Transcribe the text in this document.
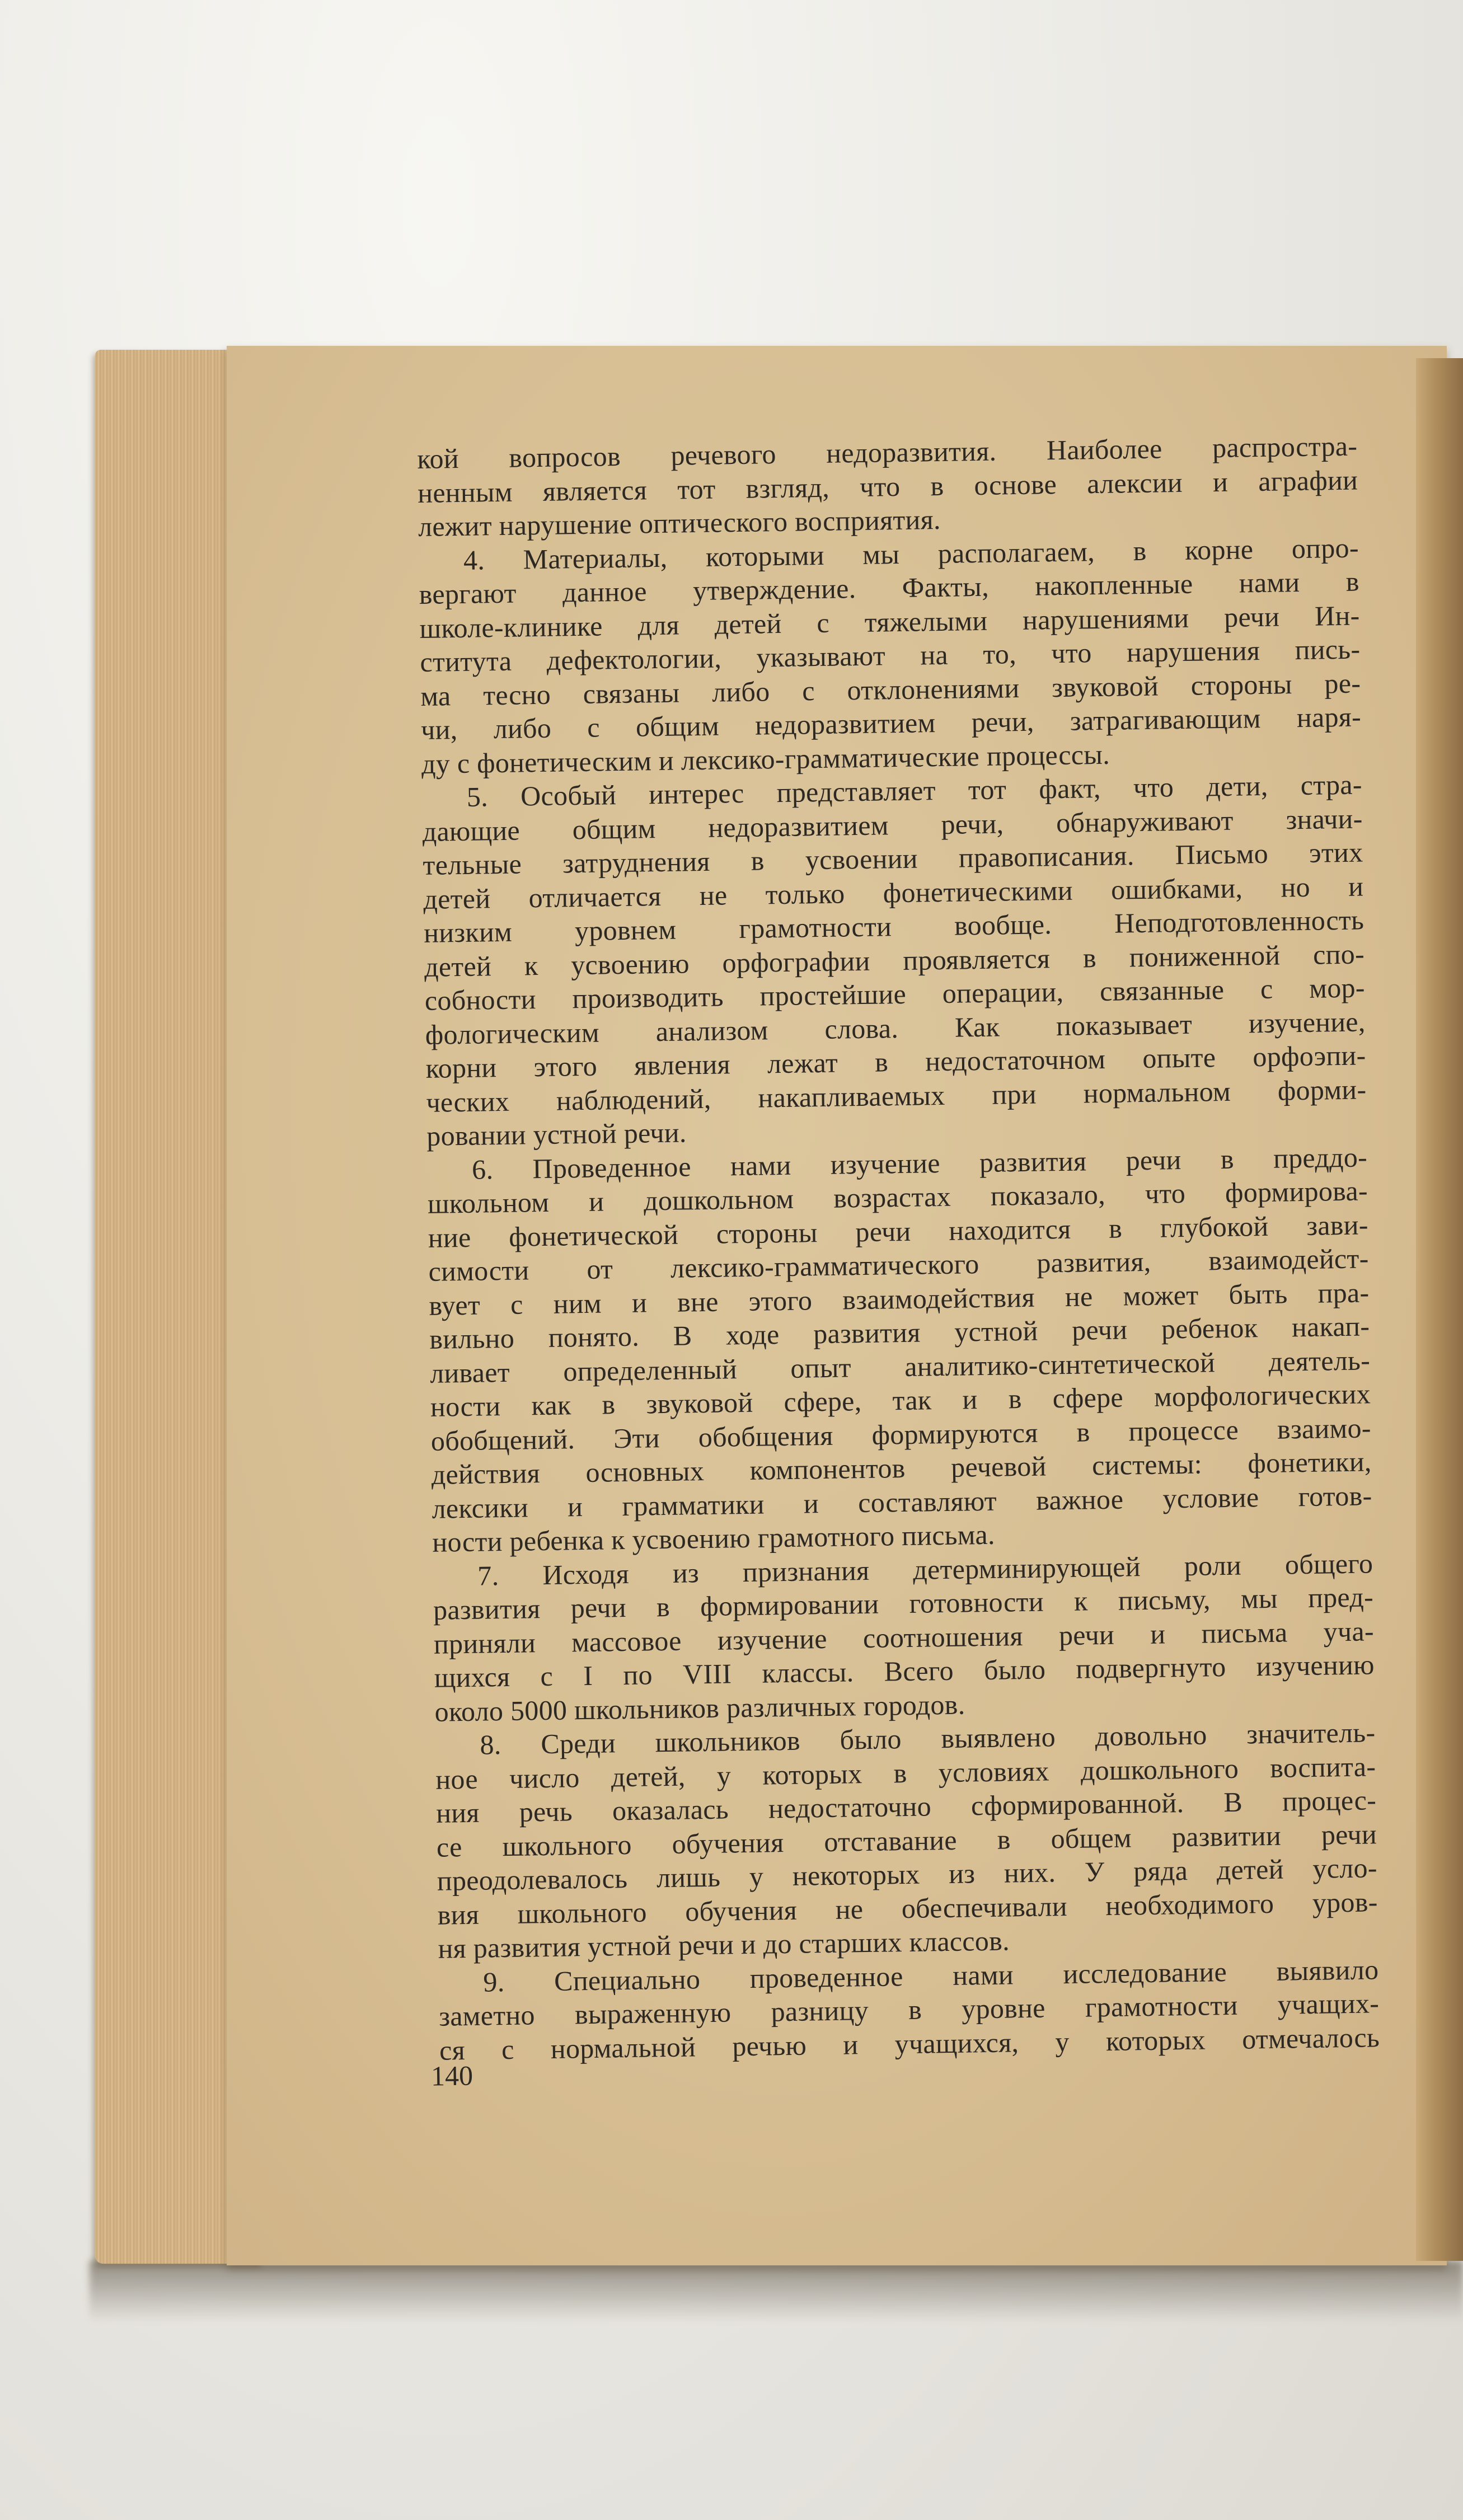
кой вопросов речевого недоразвития. Наиболее распростра-
ненным является тот взгляд, что в основе алексии и аграфии
лежит нарушение оптического восприятия.
4. Материалы, которыми мы располагаем, в корне опро-
вергают данное утверждение. Факты, накопленные нами в
школе-клинике для детей с тяжелыми нарушениями речи Ин-
ститута дефектологии, указывают на то, что нарушения пись-
ма тесно связаны либо с отклонениями звуковой стороны ре-
чи, либо с общим недоразвитием речи, затрагивающим наря-
ду с фонетическим и лексико-грамматические процессы.
5. Особый интерес представляет тот факт, что дети, стра-
дающие общим недоразвитием речи, обнаруживают значи-
тельные затруднения в усвоении правописания. Письмо этих
детей отличается не только фонетическими ошибками, но и
низким уровнем грамотности вообще. Неподготовленность
детей к усвоению орфографии проявляется в пониженной спо-
собности производить простейшие операции, связанные с мор-
фологическим анализом слова. Как показывает изучение,
корни этого явления лежат в недостаточном опыте орфоэпи-
ческих наблюдений, накапливаемых при нормальном форми-
ровании устной речи.
6. Проведенное нами изучение развития речи в преддо-
школьном и дошкольном возрастах показало, что формирова-
ние фонетической стороны речи находится в глубокой зави-
симости от лексико-грамматического развития, взаимодейст-
вует с ним и вне этого взаимодействия не может быть пра-
вильно понято. В ходе развития устной речи ребенок накап-
ливает определенный опыт аналитико-синтетической деятель-
ности как в звуковой сфере, так и в сфере морфологических
обобщений. Эти обобщения формируются в процессе взаимо-
действия основных компонентов речевой системы: фонетики,
лексики и грамматики и составляют важное условие готов-
ности ребенка к усвоению грамотного письма.
7. Исходя из признания детерминирующей роли общего
развития речи в формировании готовности к письму, мы пред-
приняли массовое изучение соотношения речи и письма уча-
щихся с I по VIII классы. Всего было подвергнуто изучению
около 5000 школьников различных городов.
8. Среди школьников было выявлено довольно значитель-
ное число детей, у которых в условиях дошкольного воспита-
ния речь оказалась недостаточно сформированной. В процес-
се школьного обучения отставание в общем развитии речи
преодолевалось лишь у некоторых из них. У ряда детей усло-
вия школьного обучения не обеспечивали необходимого уров-
ня развития устной речи и до старших классов.
9. Специально проведенное нами исследование выявило
заметно выраженную разницу в уровне грамотности учащих-
ся с нормальной речью и учащихся, у которых отмечалось
140
